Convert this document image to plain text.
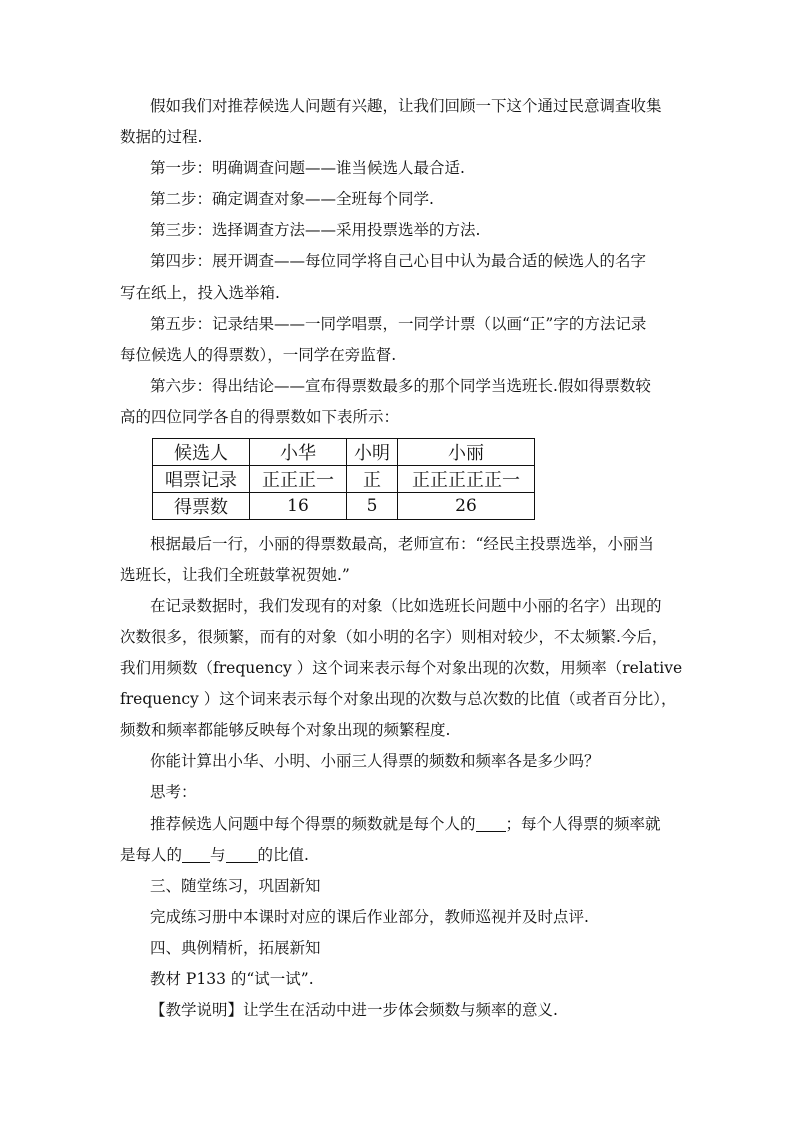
假如我们对推荐候选人问题有兴趣，让我们回顾一下这个通过民意调查收集
数据的过程.
第一步：明确调查问题——谁当候选人最合适.
第二步：确定调查对象——全班每个同学.
第三步：选择调查方法——采用投票选举的方法.
第四步：展开调查——每位同学将自己心目中认为最合适的候选人的名字
写在纸上，投入选举箱.
第五步：记录结果——一同学唱票，一同学计票（以画“正”字的方法记录
每位候选人的得票数），一同学在旁监督.
第六步：得出结论——宣布得票数最多的那个同学当选班长.假如得票数较
高的四位同学各自的得票数如下表所示：
候选人	小华	小明	小丽
唱票记录	正正正一	正	正正正正正一
得票数	16	5	26
根据最后一行，小丽的得票数最高，老师宣布：“经民主投票选举，小丽当
选班长，让我们全班鼓掌祝贺她.”
在记录数据时，我们发现有的对象（比如选班长问题中小丽的名字）出现的
次数很多，很频繁，而有的对象（如小明的名字）则相对较少，不太频繁.今后，
我们用频数（frequency ）这个词来表示每个对象出现的次数，用频率（relative
frequency ）这个词来表示每个对象出现的次数与总次数的比值（或者百分比），
频数和频率都能够反映每个对象出现的频繁程度.
你能计算出小华、小明、小丽三人得票的频数和频率各是多少吗？
思考：
推荐候选人问题中每个得票的频数就是每个人的 ；每个人得票的频率就
是每人的 与 的比值.
三、随堂练习，巩固新知
完成练习册中本课时对应的课后作业部分，教师巡视并及时点评.
四、典例精析，拓展新知
教材 P133 的“试一试”.
【教学说明】让学生在活动中进一步体会频数与频率的意义.
